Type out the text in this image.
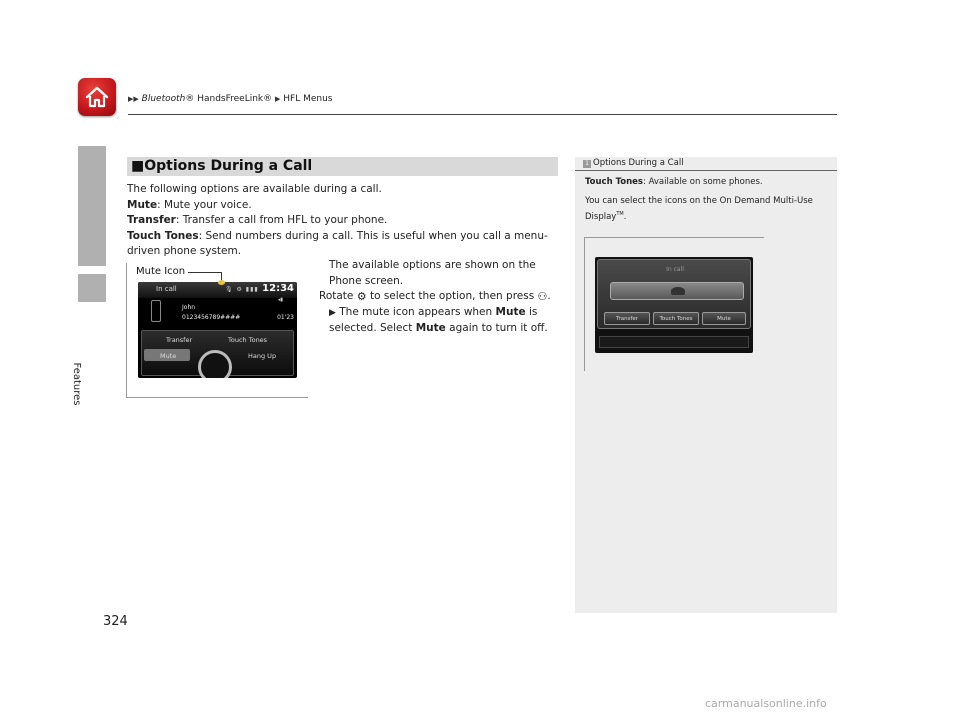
▶▶ Bluetooth® HandsFreeLink® ▶ HFL Menus
Features
■Options During a Call
The following options are available during a call.
Mute: Mute your voice.
Transfer: Transfer a call from HFL to your phone.
Touch Tones: Send numbers during a call. This is useful when you call a menu-driven phone system.
In call	🎙 ⚙ ▮▮▮ 12:34
◂▮
John
0123456789####	01'23
Transfer	Touch Tones
Mute	Hang Up
Mute Icon
The available options are shown on the Phone screen.
Rotate ⚙ to select the option, then press ⚇.
▶ The mute icon appears when Mute is selected. Select Mute again to turn it off.
1 Options During a Call

Touch Tones: Available on some phones.

You can select the icons on the On Demand Multi-Use Display™.

In call
Transfer	Touch Tones	Mute
324
carmanualsonline.info
